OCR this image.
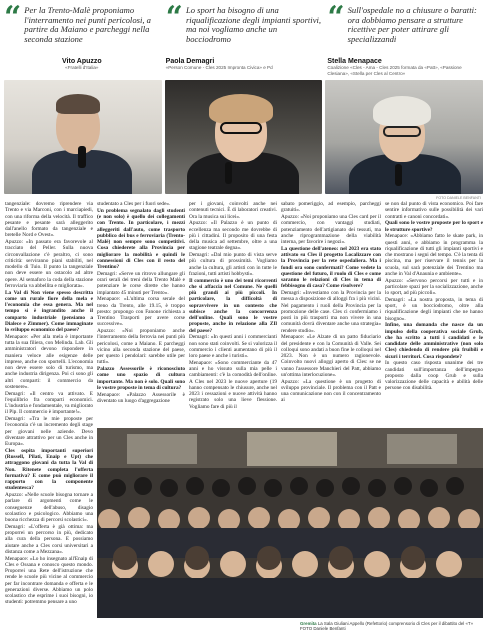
“ Per la Trento-Malè proponiamo l'interramento nei punti pericolosi, a partire da Maiano e parcheggi nella seconda stazione
“ Lo sport ha bisogno di una riqualificazione degli impianti sportivi, ma noi vogliamo anche un bocciodromo
“ Sull'ospedale no a chiusure o baratti: ora dobbiamo pensare a strutture ricettive per poter attirare gli specializzandi
Vito Apuzzo
«Fratelli d'Italia»
Paola Demagri
«Person Comune - Cles 2025 Impronta Civica» e Pd
Stella Menapace
Coalizione «Cles - Ama - Cles 2025 formata da «Patt», «Passione Clesiana», «Stella per Cles al Centro»
FOTO DANIELE BENFANTI

tangenziale: dovremo riprendere via Trento e via Marconi, con i marciapiedi, con una riforma della velocità. Il traffico pesante e pesante sarà alleggerito dall'anello formato da tangenziale e bretelle Nord e Ovest».

Apuzzo: «In passato era favorevole al tracciato del Peller. Sulla nuova circonvallazione c'è peraltro, ci sono criticità: serviranno piani stabiliti, nel modello di Tuio. Il punto la tangenziale non deve essere un ostacolo ad altre opere. Al semaforo la coda della stazione ferroviaria va abbellita e migliorata».

La Val di Non viene spesso descritta come un rurale fiore della mela e l'economia che essa genera. Ma nel tempo si è ingrandito anche il comparto industriale (pensiamo a Dialece e Zimmer). Come immaginate lo sviluppo economico del paese?

Menapace: «Per alla mela è importante tutta la sua filiera, con Melinda. Lab. Gli amministratori devono rispondere in maniera veloce alle esigenze delle imprese, anche con sportelli. L'economia non deve essere solo di turismo, ma anche industria dirigenza. Poi ci sono gli altri comparti: il commercio da sostenere».

Demagri: «Il centro va attivato. E l'equilibrio fra comparti economici. L'industria e fondamentale, va migliorato il Pip. Il commercio è importante!».

Demagri: «Tra le mie proposte per l'economia c'è un incremento degli stage per giovani nelle aziende. Devo diventare attrattivo per un Cles anche in Europa».

Cles ospita importanti superiori (Russell, Pilati, Enaip e Upt) che attraggono giovani da tutta la Val di Non. Ritenete completa l'offerta formativa? E come può migliorare il rapporto con la componente studentesca?

Apuzzo: «Nelle scuole bisogna tornare a parlare di argomenti come le conseguenze dell'abuso, disagio scolastico e psicologico. Abbiamo una buona ricchezza di percorsi scolastici».

Demagri: «L'offerta è già ottima: ma proporrei un percorso in più, dedicato alla cura della persona. E possiamo aiutare anche a Cles corsi universitari a distanza come a Mezzana».

Menapace: «Lo ho insegnato all'Enaip di Cles e Ossana e conosco questo mondo. Proporrei una Rete dell'istruzione che rende le scuole più vicine al commercio per far incontrare domanda e offerta e le generazioni diverse. Abbiamo un polo scolastico che esprime i suoi bisogni, io studenti: potremmo pensare a uno

studentato a Cles per i fuori sede».

Un problema segnalato dagli studenti (e non solo) è quello dei collegamenti con Trento. In particolare, i mezzi alleggeriti dall'auto, come trasporto pubblico dei bus e ferroviaria (Trento-Malè) non sempre sono competitivi. Cosa chiederete alla Provincia per migliorare la mobilità e quindi le connessioni di Cles con il resto del Trentino?

Demagri: «Serve un ritrovo allungare gli orari serali dei treni della Trento Malè e potenziare le corse dirette che hanno impiantato 45 minuti per Trento».

Menapace: «L'ultima corsa serale del treno da Trento, alle 19.15, è troppo presto: propongo con Fanone richiesta a Trentino Trasporti per avere corse successive».

Apuzzo: «Noi proponiamo anche l'interramento della ferrovia nei punti più pericolosi, come a Maiano. E parcheggi vicino alla seconda stazione del paese, per questo i pendolari: sarebbe utile per tutti».

Palazzo Assessorile è riconosciuto come uno spazio di cultura importante. Ma non è solo. Quali sono le vostre proposte in tema di cultura?

Menapace: «Palazzo Assessorile è diventato un luogo d'aggregazione

per i giovani, coinvolti anche nei contenuti tecnici. È di laboratori creativi. Ora la musica sui licei».

Apuzzo: «Il Palazzo è un punto di eccellenza ma secondo me dovrebbe di più i cittadini. Il proposito di una festa della musica ad settembre, oltre a una stagione teatrale degna».

Demagri: «Dal mio punto di vista serve più cultura di prossimità. Vogliamo anche la cultura, gli artisti con in tutte le frazioni, tutti artisti hobbysti».

Il commercio è uno dei temi ricorrenti che si affaccia nel Comune. Ne quelli più grandi ai più piccoli. In particolare, la difficoltà di sopravvivere in un contesto che subisce anche la concorrenza dell'online. Quali sono le vostre proposte, anche in relazione alla ZIl del paese?

Demagri: «In questi anni i commercianti non sono stati coinvolti. Se si valorizza il commercio i clienti aumentano di più il loro paese e anche i turisti».

Menapace: «Sono commerciante da 47 anni e ho vissuto sulla mia pelle i cambiamenti: c'è la comodità dell'online. A Cles nel 2023 le nuove aperture (19 hanno compensato le chiusure, anche nel 2023 i cessazioni e nuove attività hanno registrato solo una lieve flessione. Vogliamo fare di più il

sabato pomeriggio, ad esempio, parcheggi gratuiti».

Apuzzo: «Noi proponiamo una Cles card per il commercio, con vantaggi studiati, potenziamento dell'artigianato dei tessuti, ma anche riprogrammazione della viabilità interna, per favorire i negozi».

La questione dell'ateneo: nel 2023 era stato attivato su Cles il progetto Localizzare con la Provincia per la rete ospedaliera. Ma i fondi ora sono confermati? Come vedete la questione del futuro, il ruolo di Cles e come saranno le relazioni di Cles in tema di febbisogno di casa? Come risolvere?

Demagri: «Investiamo con la Provincia per la messa a disposizione di alloggi fra i più vicini. Nel pagamento i ruoli della Provincia per la promozione delle case. Cles ci confermiamo i posti in più trasporti ma non vivere in una comunità dovrà diventare anche una strategia» rendere studio».

Menapace: «Le Alzate di un patto fiduciario del presidente e con la Comunità di Valle. Sei colloqui sono andati a buon fine le colloqui nel 2023. Non è un numero ragionevole. Coinvolto nuovi alloggi aperto di Cles: se ne vanno l'assessore Manchieri del Patt, abbiamo un'ottima interlocuzione».

Apuzzo: «La questione è un progetto di sviluppo provinciale. Il problema con il Patt e una comunicazione non con il concentramento ai

se non dal punto di vista economico. Poi fare sentire informativo sulle possibilità dei vari contratti e canoni concordati».

Quali sono le vostre proposte per lo sport e le strutture sportive?

Menapace: «Abbiamo fatto le skate park, in questi anni, e abbiamo in programma la riqualificazione di tutti gli impianti sportivi e che mostrano i segni del tempo. C'è la tenta di piscina, ma per riservare il tennis per la scuola, sul sarà potenziale dei Trentino ma anche in Val d'Anaunia e ambiente».

Apuzzo: «Servono percorsi per tutti e in particolare spazi per la socializzazione, anche lo sport, ad più piccoli».

Demagri: «La nostra proposta, in tema di sport, è un bocciodromo, oltre alla riqualificazione degli impianti che ne hanno bisogno».

Infine, una domanda che nasce da un impulso della cooperativa sociale Grub, che ha scritto a tutti i candidati e le candidate delle amministrative (non solo Cles) chiedendo di rendere più fruibili e sicuri i territori. Cosa rispondete?

In questo caso risposta unanime dei tre candidati sull'importanza dell'impegno proposto dalla coop Grub e sulla valorizzazione delle capacità e abilità delle persone con disabilità.

Gremita La Sala Giuliani Appello (Refettorio) comprensorio di Cles per il dibattito del «T» FOTO Daniele Benfanti
